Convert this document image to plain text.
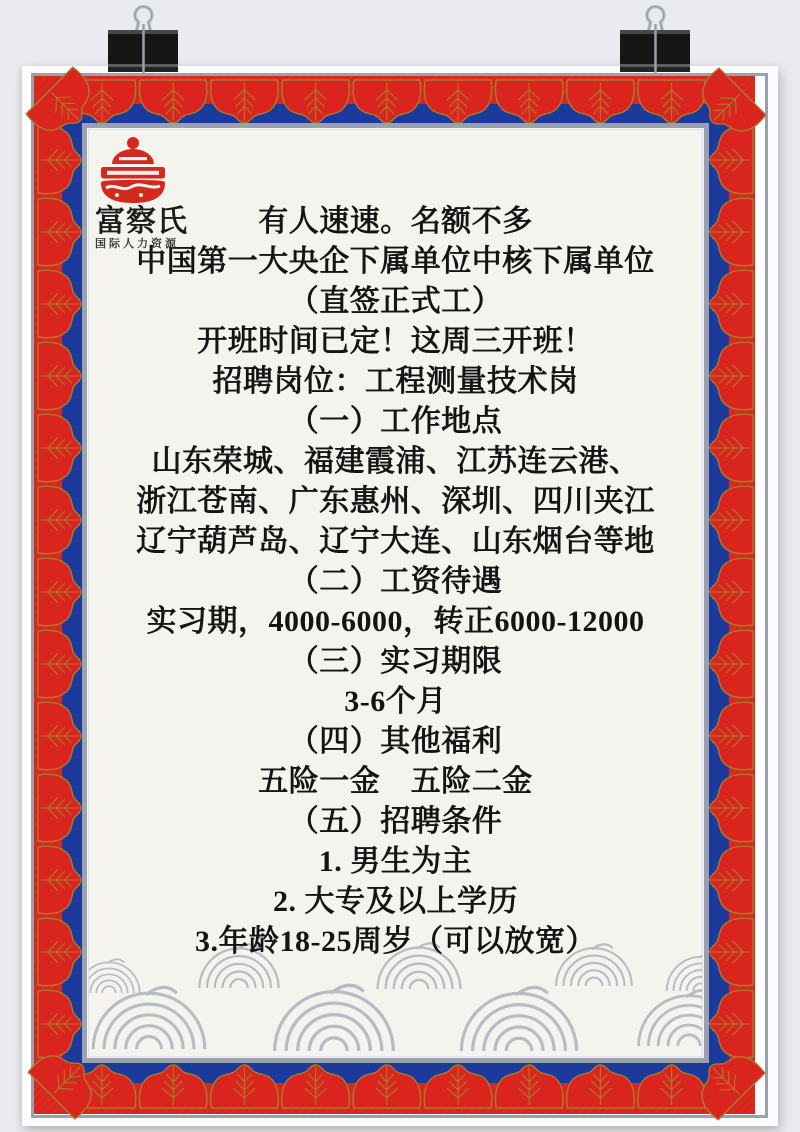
富察氏
国际人力资源
有人速速。名额不多
中国第一大央企下属单位中核下属单位
（直签正式工）
开班时间已定！这周三开班！
招聘岗位：工程测量技术岗
（一）工作地点
山东荣城、福建霞浦、江苏连云港、
浙江苍南、广东惠州、深圳、四川夹江
辽宁葫芦岛、辽宁大连、山东烟台等地
（二）工资待遇
实习期，4000-6000，转正6000-12000
（三）实习期限
3-6个月
（四）其他福利
五险一金　五险二金
（五）招聘条件
1. 男生为主
2. 大专及以上学历
3.年龄18-25周岁（可以放宽）
